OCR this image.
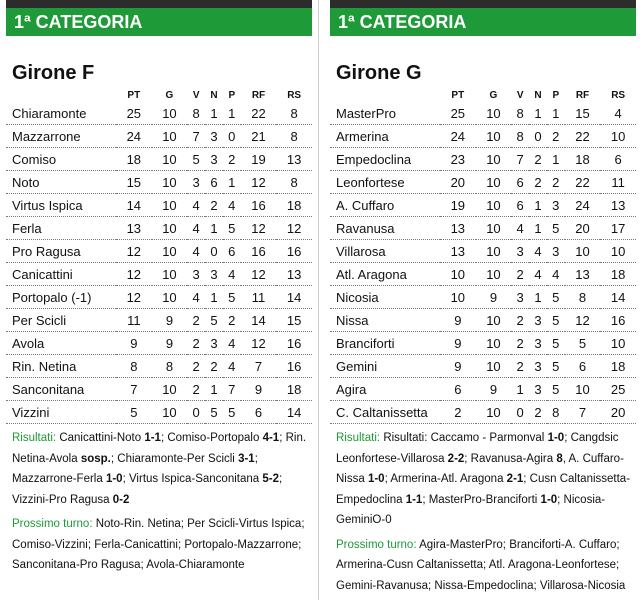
1ª CATEGORIA
Girone F
	PT	G	V	N	P	RF	RS
Chiaramonte	25	10	8	1	1	22	8
Mazzarrone	24	10	7	3	0	21	8
Comiso	18	10	5	3	2	19	13
Noto	15	10	3	6	1	12	8
Virtus Ispica	14	10	4	2	4	16	18
Ferla	13	10	4	1	5	12	12
Pro Ragusa	12	10	4	0	6	16	16
Canicattini	12	10	3	3	4	12	13
Portopalo (-1)	12	10	4	1	5	11	14
Per Scicli	11	9	2	5	2	14	15
Avola	9	9	2	3	4	12	16
Rin. Netina	8	8	2	2	4	7	16
Sanconitana	7	10	2	1	7	9	18
Vizzini	5	10	0	5	5	6	14
Risultati: Canicattini-Noto 1-1; Comiso-Portopalo 4-1; Rin. Netina-Avola sosp.; Chiaramonte-Per Scicli 3-1; Mazzarrone-Ferla 1-0; Virtus Ispica-Sanconitana 5-2; Vizzini-Pro Ragusa 0-2
Prossimo turno: Noto-Rin. Netina; Per Scicli-Virtus Ispica; Comiso-Vizzini; Ferla-Canicattini; Portopalo-Mazzarrone; Sanconitana-Pro Ragusa; Avola-Chiaramonte
1ª CATEGORIA
Girone G
	PT	G	V	N	P	RF	RS
MasterPro	25	10	8	1	1	15	4
Armerina	24	10	8	0	2	22	10
Empedoclina	23	10	7	2	1	18	6
Leonfortese	20	10	6	2	2	22	11
A. Cuffaro	19	10	6	1	3	24	13
Ravanusa	13	10	4	1	5	20	17
Villarosa	13	10	3	4	3	10	10
Atl. Aragona	10	10	2	4	4	13	18
Nicosia	10	9	3	1	5	8	14
Nissa	9	10	2	3	5	12	16
Branciforti	9	10	2	3	5	5	10
Gemini	9	10	2	3	5	6	18
Agira	6	9	1	3	5	10	25
C. Caltanissetta	2	10	0	2	8	7	20
Risultati: Risultati: Caccamo - Parmonval 1-0; Cangdsic Leonfortese-Villarosa 2-2; Ravanusa-Agira 8, A. Cuffaro-Nissa 1-0; Armerina-Atl. Aragona 2-1; Cusn Caltanissetta-Empedoclina 1-1; MasterPro-Branciforti 1-0; Nicosia-GeminiO-0
Prossimo turno: Agira-MasterPro; Branciforti-A. Cuffaro; Armerina-Cusn Caltanissetta; Atl. Aragona-Leonfortese; Gemini-Ravanusa; Nissa-Empedoclina; Villarosa-Nicosia
